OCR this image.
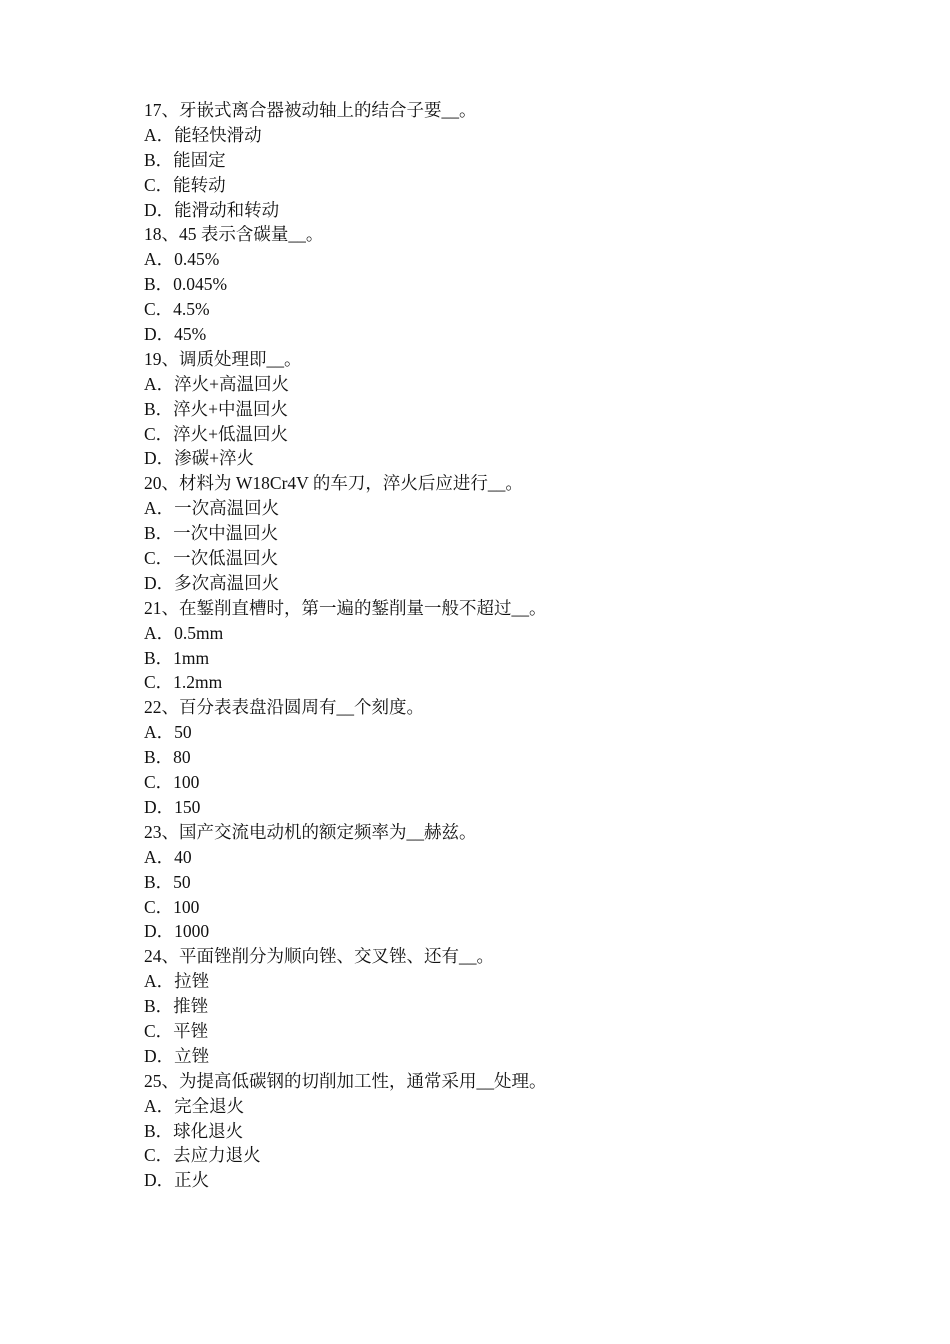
17、牙嵌式离合器被动轴上的结合子要__。
A．能轻快滑动
B．能固定
C．能转动
D．能滑动和转动
18、45 表示含碳量__。
A．0.45%
B．0.045%
C．4.5%
D．45%
19、调质处理即__。
A．淬火+高温回火
B．淬火+中温回火
C．淬火+低温回火
D．渗碳+淬火
20、材料为 W18Cr4V 的车刀，淬火后应进行__。
A．一次高温回火
B．一次中温回火
C．一次低温回火
D．多次高温回火
21、在錾削直槽时，第一遍的錾削量一般不超过__。
A．0.5mm
B．1mm
C．1.2mm
22、百分表表盘沿圆周有__个刻度。
A．50
B．80
C．100
D．150
23、国产交流电动机的额定频率为__赫兹。
A．40
B．50
C．100
D．1000
24、平面锉削分为顺向锉、交叉锉、还有__。
A．拉锉
B．推锉
C．平锉
D．立锉
25、为提高低碳钢的切削加工性，通常采用__处理。
A．完全退火
B．球化退火
C．去应力退火
D．正火
